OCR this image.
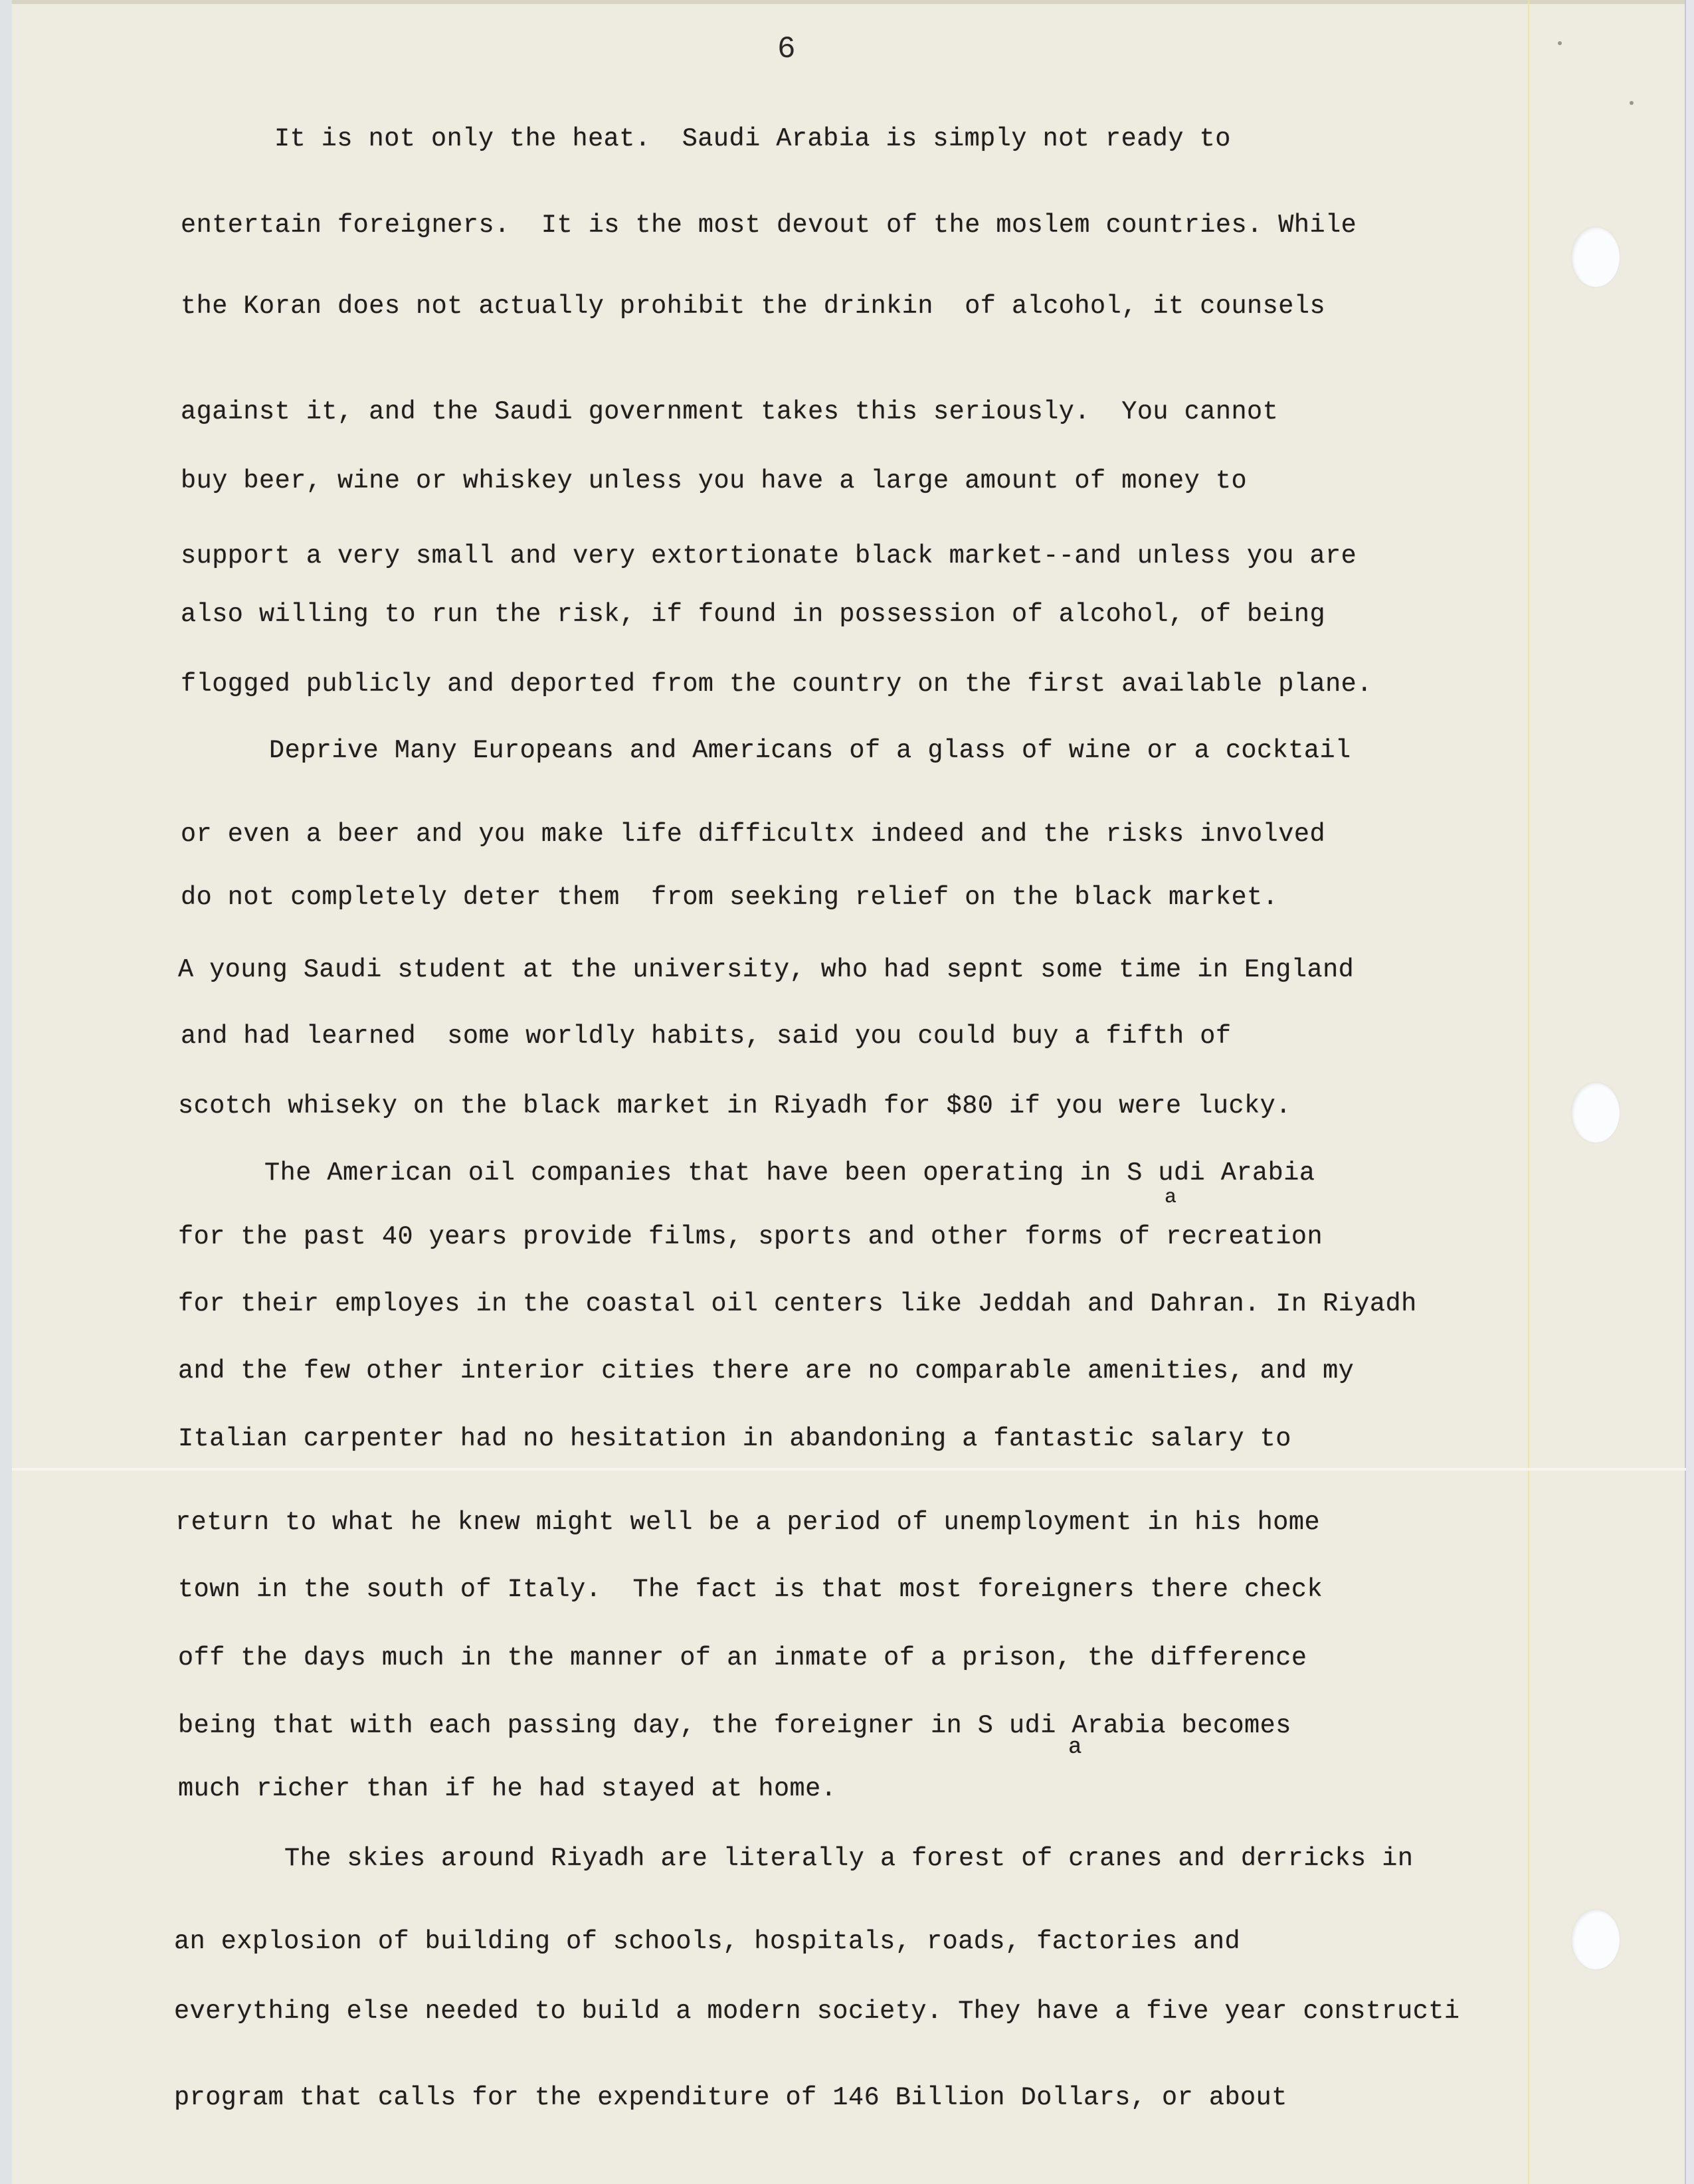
6
It is not only the heat.  Saudi Arabia is simply not ready to
entertain foreigners.  It is the most devout of the moslem countries. While
the Koran does not actually prohibit the drinkin  of alcohol, it counsels
against it, and the Saudi government takes this seriously.  You cannot
buy beer, wine or whiskey unless you have a large amount of money to
support a very small and very extortionate black market--and unless you are
also willing to run the risk, if found in possession of alcohol, of being
flogged publicly and deported from the country on the first available plane.
Deprive Many Europeans and Americans of a glass of wine or a cocktail
or even a beer and you make life difficultx indeed and the risks involved
do not completely deter them  from seeking relief on the black market.
A young Saudi student at the university, who had sepnt some time in England
and had learned  some worldly habits, said you could buy a fifth of
scotch whiseky on the black market in Riyadh for $80 if you were lucky.
The American oil companies that have been operating in S udi Arabia
for the past 40 years provide films, sports and other forms of recreation
for their employes in the coastal oil centers like Jeddah and Dahran. In Riyadh
and the few other interior cities there are no comparable amenities, and my
Italian carpenter had no hesitation in abandoning a fantastic salary to
return to what he knew might well be a period of unemployment in his home
town in the south of Italy.  The fact is that most foreigners there check
off the days much in the manner of an inmate of a prison, the difference
being that with each passing day, the foreigner in S udi Arabia becomes
much richer than if he had stayed at home.
The skies around Riyadh are literally a forest of cranes and derricks in
an explosion of building of schools, hospitals, roads, factories and
everything else needed to build a modern society. They have a five year constructi
program that calls for the expenditure of 146 Billion Dollars, or about
a
a
